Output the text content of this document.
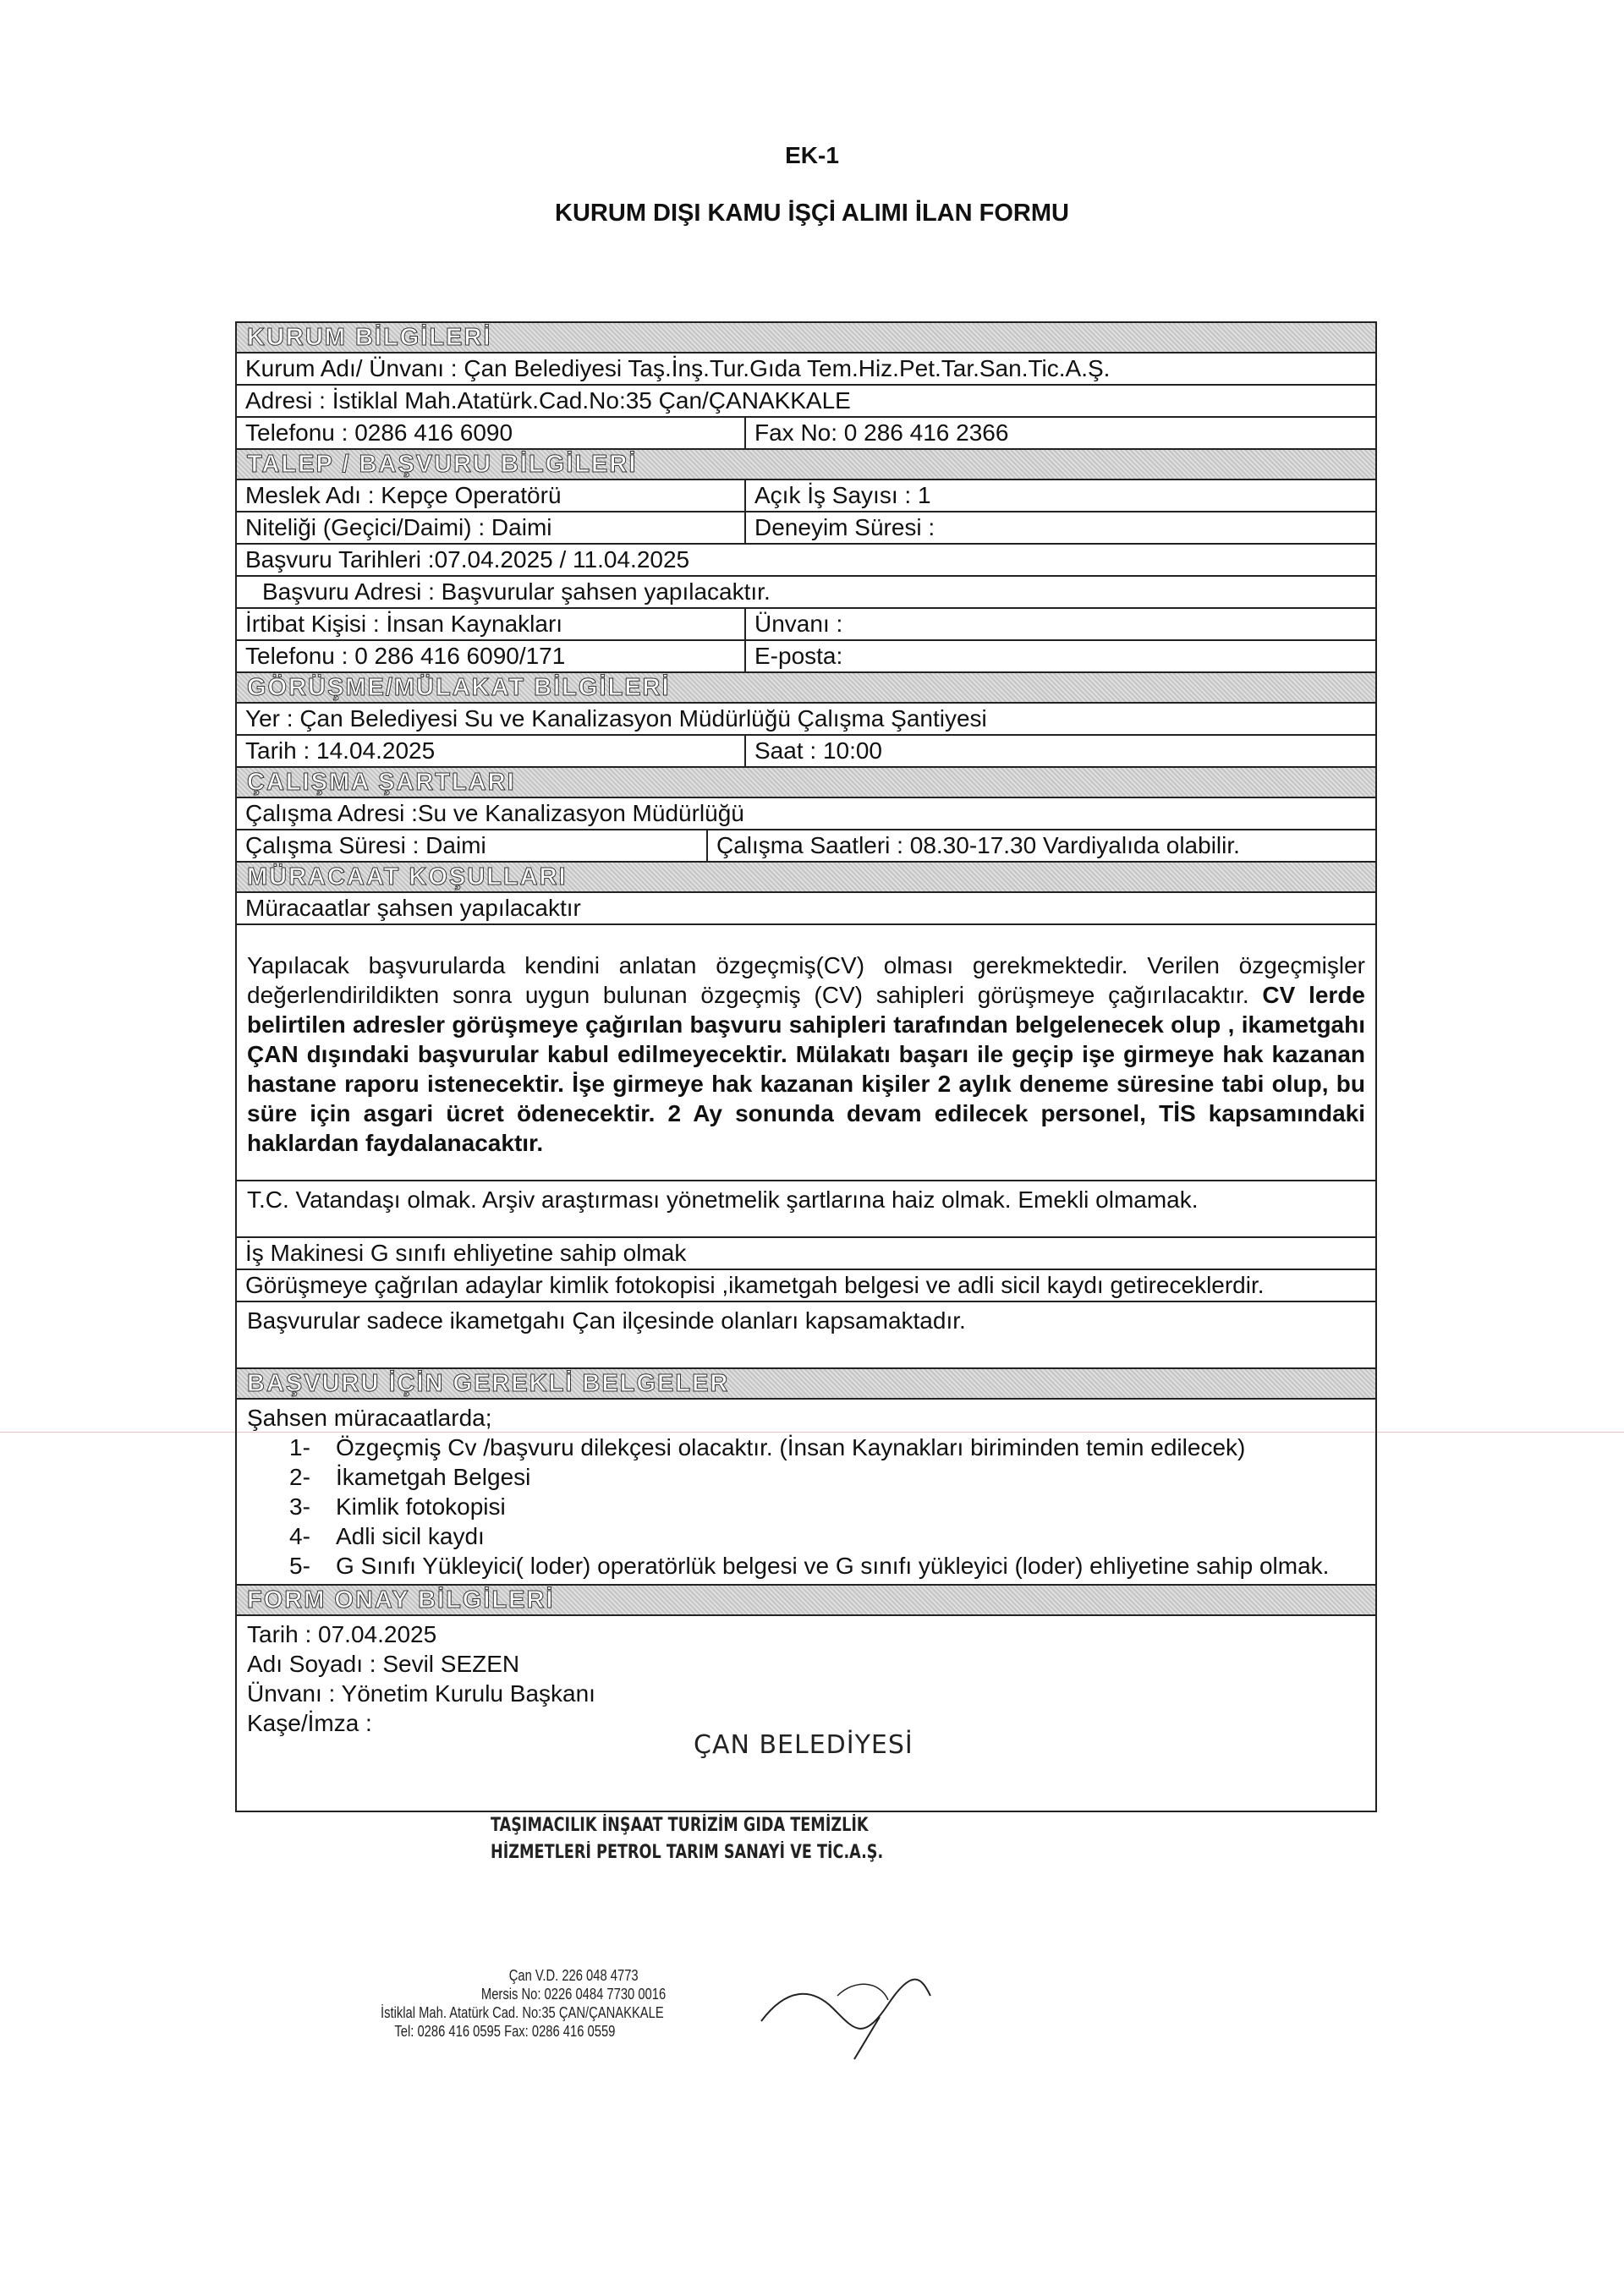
EK-1
KURUM DIŞI KAMU İŞÇİ ALIMI İLAN FORMU
KURUM BİLGİLERİ
Kurum Adı/ Ünvanı : Çan Belediyesi Taş.İnş.Tur.Gıda Tem.Hiz.Pet.Tar.San.Tic.A.Ş.
Adresi : İstiklal Mah.Atatürk.Cad.No:35 Çan/ÇANAKKALE
Telefonu : 0286 416 6090	Fax No: 0 286 416 2366
TALEP / BAŞVURU BİLGİLERİ
Meslek Adı : Kepçe Operatörü	Açık İş Sayısı : 1
Niteliği (Geçici/Daimi) : Daimi	Deneyim Süresi :
Başvuru Tarihleri :07.04.2025 / 11.04.2025
Başvuru Adresi : Başvurular şahsen yapılacaktır.
İrtibat Kişisi : İnsan Kaynakları	Ünvanı :
Telefonu : 0 286 416 6090/171	E-posta:
GÖRÜŞME/MÜLAKAT BİLGİLERİ
Yer : Çan Belediyesi Su ve Kanalizasyon Müdürlüğü Çalışma Şantiyesi
Tarih : 14.04.2025	Saat : 10:00
ÇALIŞMA ŞARTLARI
Çalışma Adresi :Su ve Kanalizasyon Müdürlüğü
Çalışma Süresi : Daimi	Çalışma Saatleri : 08.30-17.30 Vardiyalıda olabilir.
MÜRACAAT KOŞULLARI
Müracaatlar şahsen yapılacaktır
Yapılacak başvurularda kendini anlatan özgeçmiş(CV) olması gerekmektedir. Verilen özgeçmişler değerlendirildikten sonra uygun bulunan özgeçmiş (CV) sahipleri görüşmeye çağırılacaktır. CV lerde belirtilen adresler görüşmeye çağırılan başvuru sahipleri tarafından belgelenecek olup , ikametgahı ÇAN dışındaki başvurular kabul edilmeyecektir. Mülakatı başarı ile geçip işe girmeye hak kazanan hastane raporu istenecektir. İşe girmeye hak kazanan kişiler 2 aylık deneme süresine tabi olup, bu süre için asgari ücret ödenecektir. 2 Ay sonunda devam edilecek personel, TİS kapsamındaki haklardan faydalanacaktır.
T.C. Vatandaşı olmak. Arşiv araştırması yönetmelik şartlarına haiz olmak. Emekli olmamak.
İş Makinesi G sınıfı ehliyetine sahip olmak
Görüşmeye çağrılan adaylar kimlik fotokopisi ,ikametgah belgesi ve adli sicil kaydı getireceklerdir.
Başvurular sadece ikametgahı Çan ilçesinde olanları kapsamaktadır.
BAŞVURU İÇİN GEREKLİ BELGELER
Şahsen müracaatlarda;
1-	Özgeçmiş Cv /başvuru dilekçesi olacaktır. (İnsan Kaynakları biriminden temin edilecek)
2-	İkametgah Belgesi
3-	Kimlik fotokopisi
4-	Adli sicil kaydı
5-	G Sınıfı Yükleyici( loder) operatörlük belgesi ve G sınıfı yükleyici (loder) ehliyetine sahip olmak.
FORM ONAY BİLGİLERİ
Tarih : 07.04.2025
Adı Soyadı : Sevil SEZEN
Ünvanı : Yönetim Kurulu Başkanı
Kaşe/İmza :
ÇAN BELEDİYESİ
TAŞIMACILIK İNŞAAT TURİZİM GIDA TEMİZLİK
HİZMETLERİ PETROL TARIM SANAYİ VE TİC.A.Ş.
Çan V.D. 226 048 4773
Mersis No: 0226 0484 7730 0016
İstiklal Mah. Atatürk Cad. No:35 ÇAN/ÇANAKKALE
Tel: 0286 416 0595 Fax: 0286 416 0559
